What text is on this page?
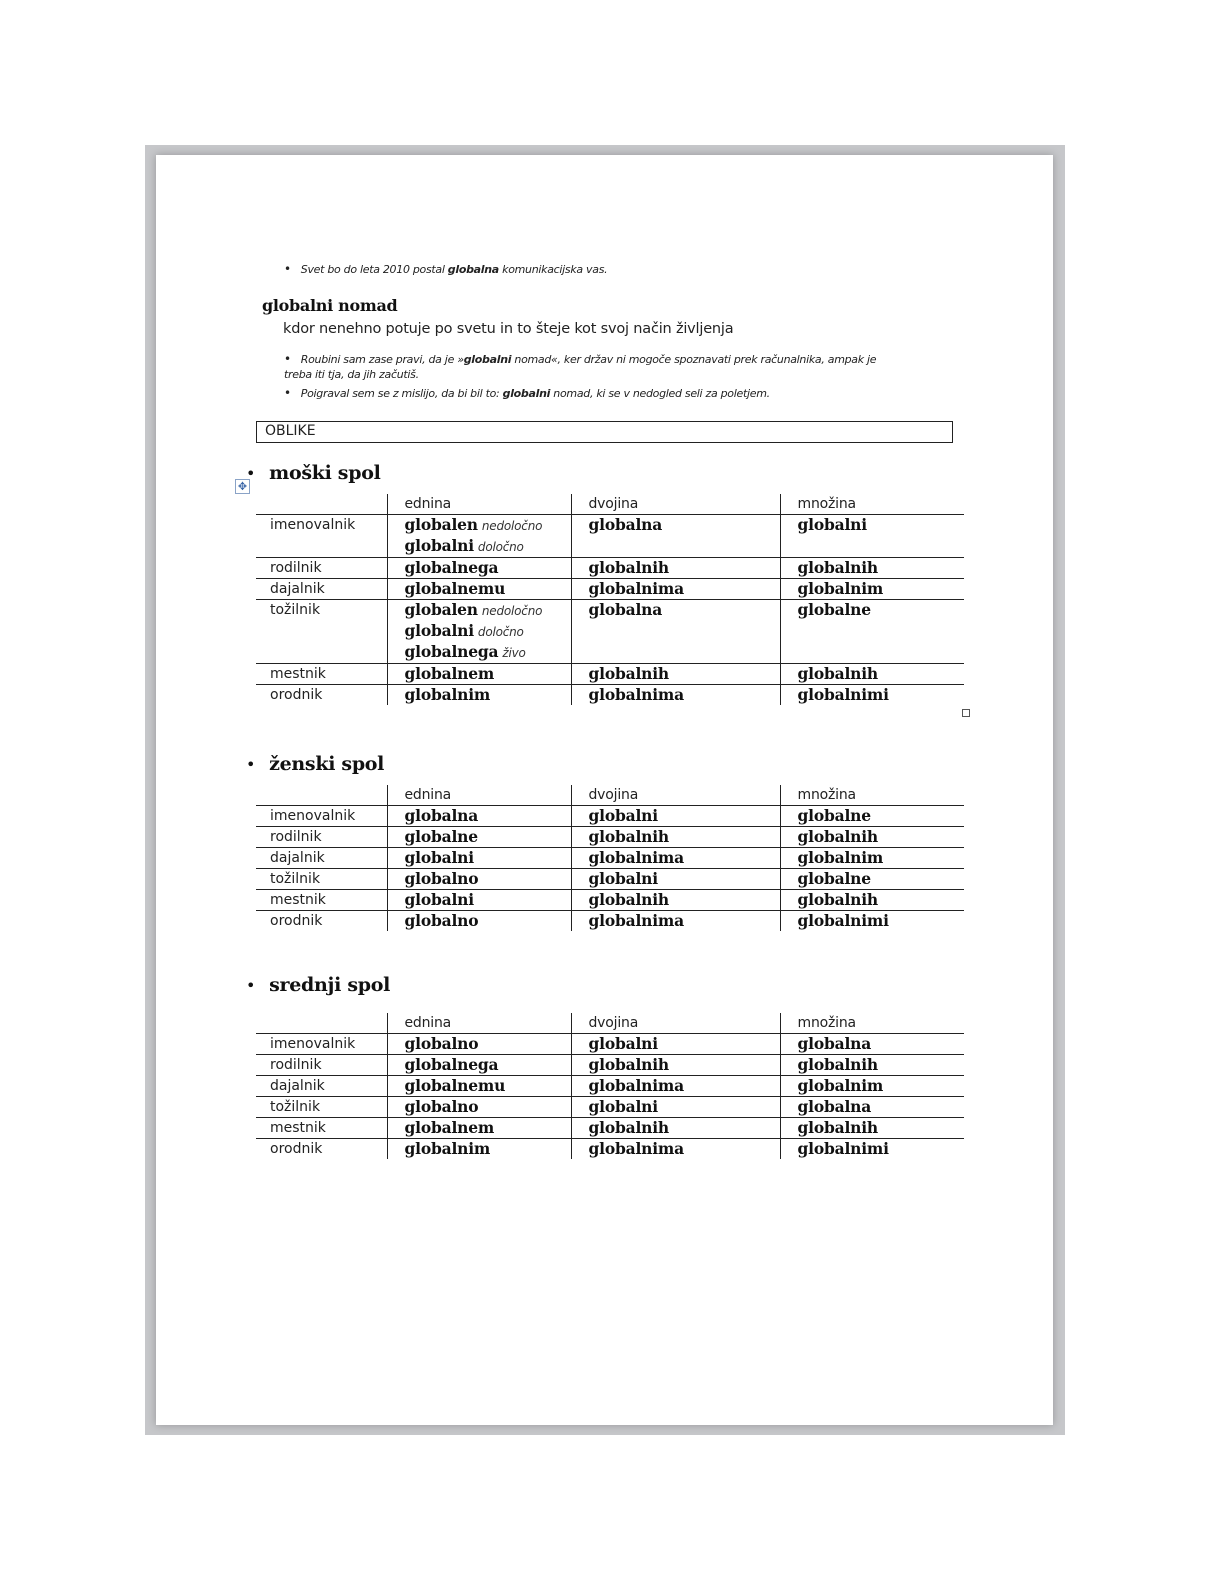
• Svet bo do leta 2010 postal globalna komunikacijska vas.
globalni nomad
kdor nenehno potuje po svetu in to šteje kot svoj način življenja
• Roubini sam zase pravi, da je »globalni nomad«, ker držav ni mogoče spoznavati prek računalnika, ampak je
treba iti tja, da jih začutiš.
• Poigraval sem se z mislijo, da bi bil to: globalni nomad, ki se v nedogled seli za poletjem.
OBLIKE
✥
• moški spol
• ženski spol
• srednji spol
	ednina	dvojina	množina
imenovalnik	globalen nedoločno
globalni določno	globalna	globalni

rodilnik	globalnega	globalnih	globalnih

dajalnik	globalnemu	globalnima	globalnim

tožilnik	globalen nedoločno
globalni določno
globalnega živo	globalna	globalne

mestnik	globalnem	globalnih	globalnih

orodnik	globalnim	globalnima	globalnimi
	ednina	dvojina	množina
imenovalnik	globalna	globalni	globalne

rodilnik	globalne	globalnih	globalnih

dajalnik	globalni	globalnima	globalnim

tožilnik	globalno	globalni	globalne

mestnik	globalni	globalnih	globalnih

orodnik	globalno	globalnima	globalnimi
	ednina	dvojina	množina
imenovalnik	globalno	globalni	globalna

rodilnik	globalnega	globalnih	globalnih

dajalnik	globalnemu	globalnima	globalnim

tožilnik	globalno	globalni	globalna

mestnik	globalnem	globalnih	globalnih

orodnik	globalnim	globalnima	globalnimi
